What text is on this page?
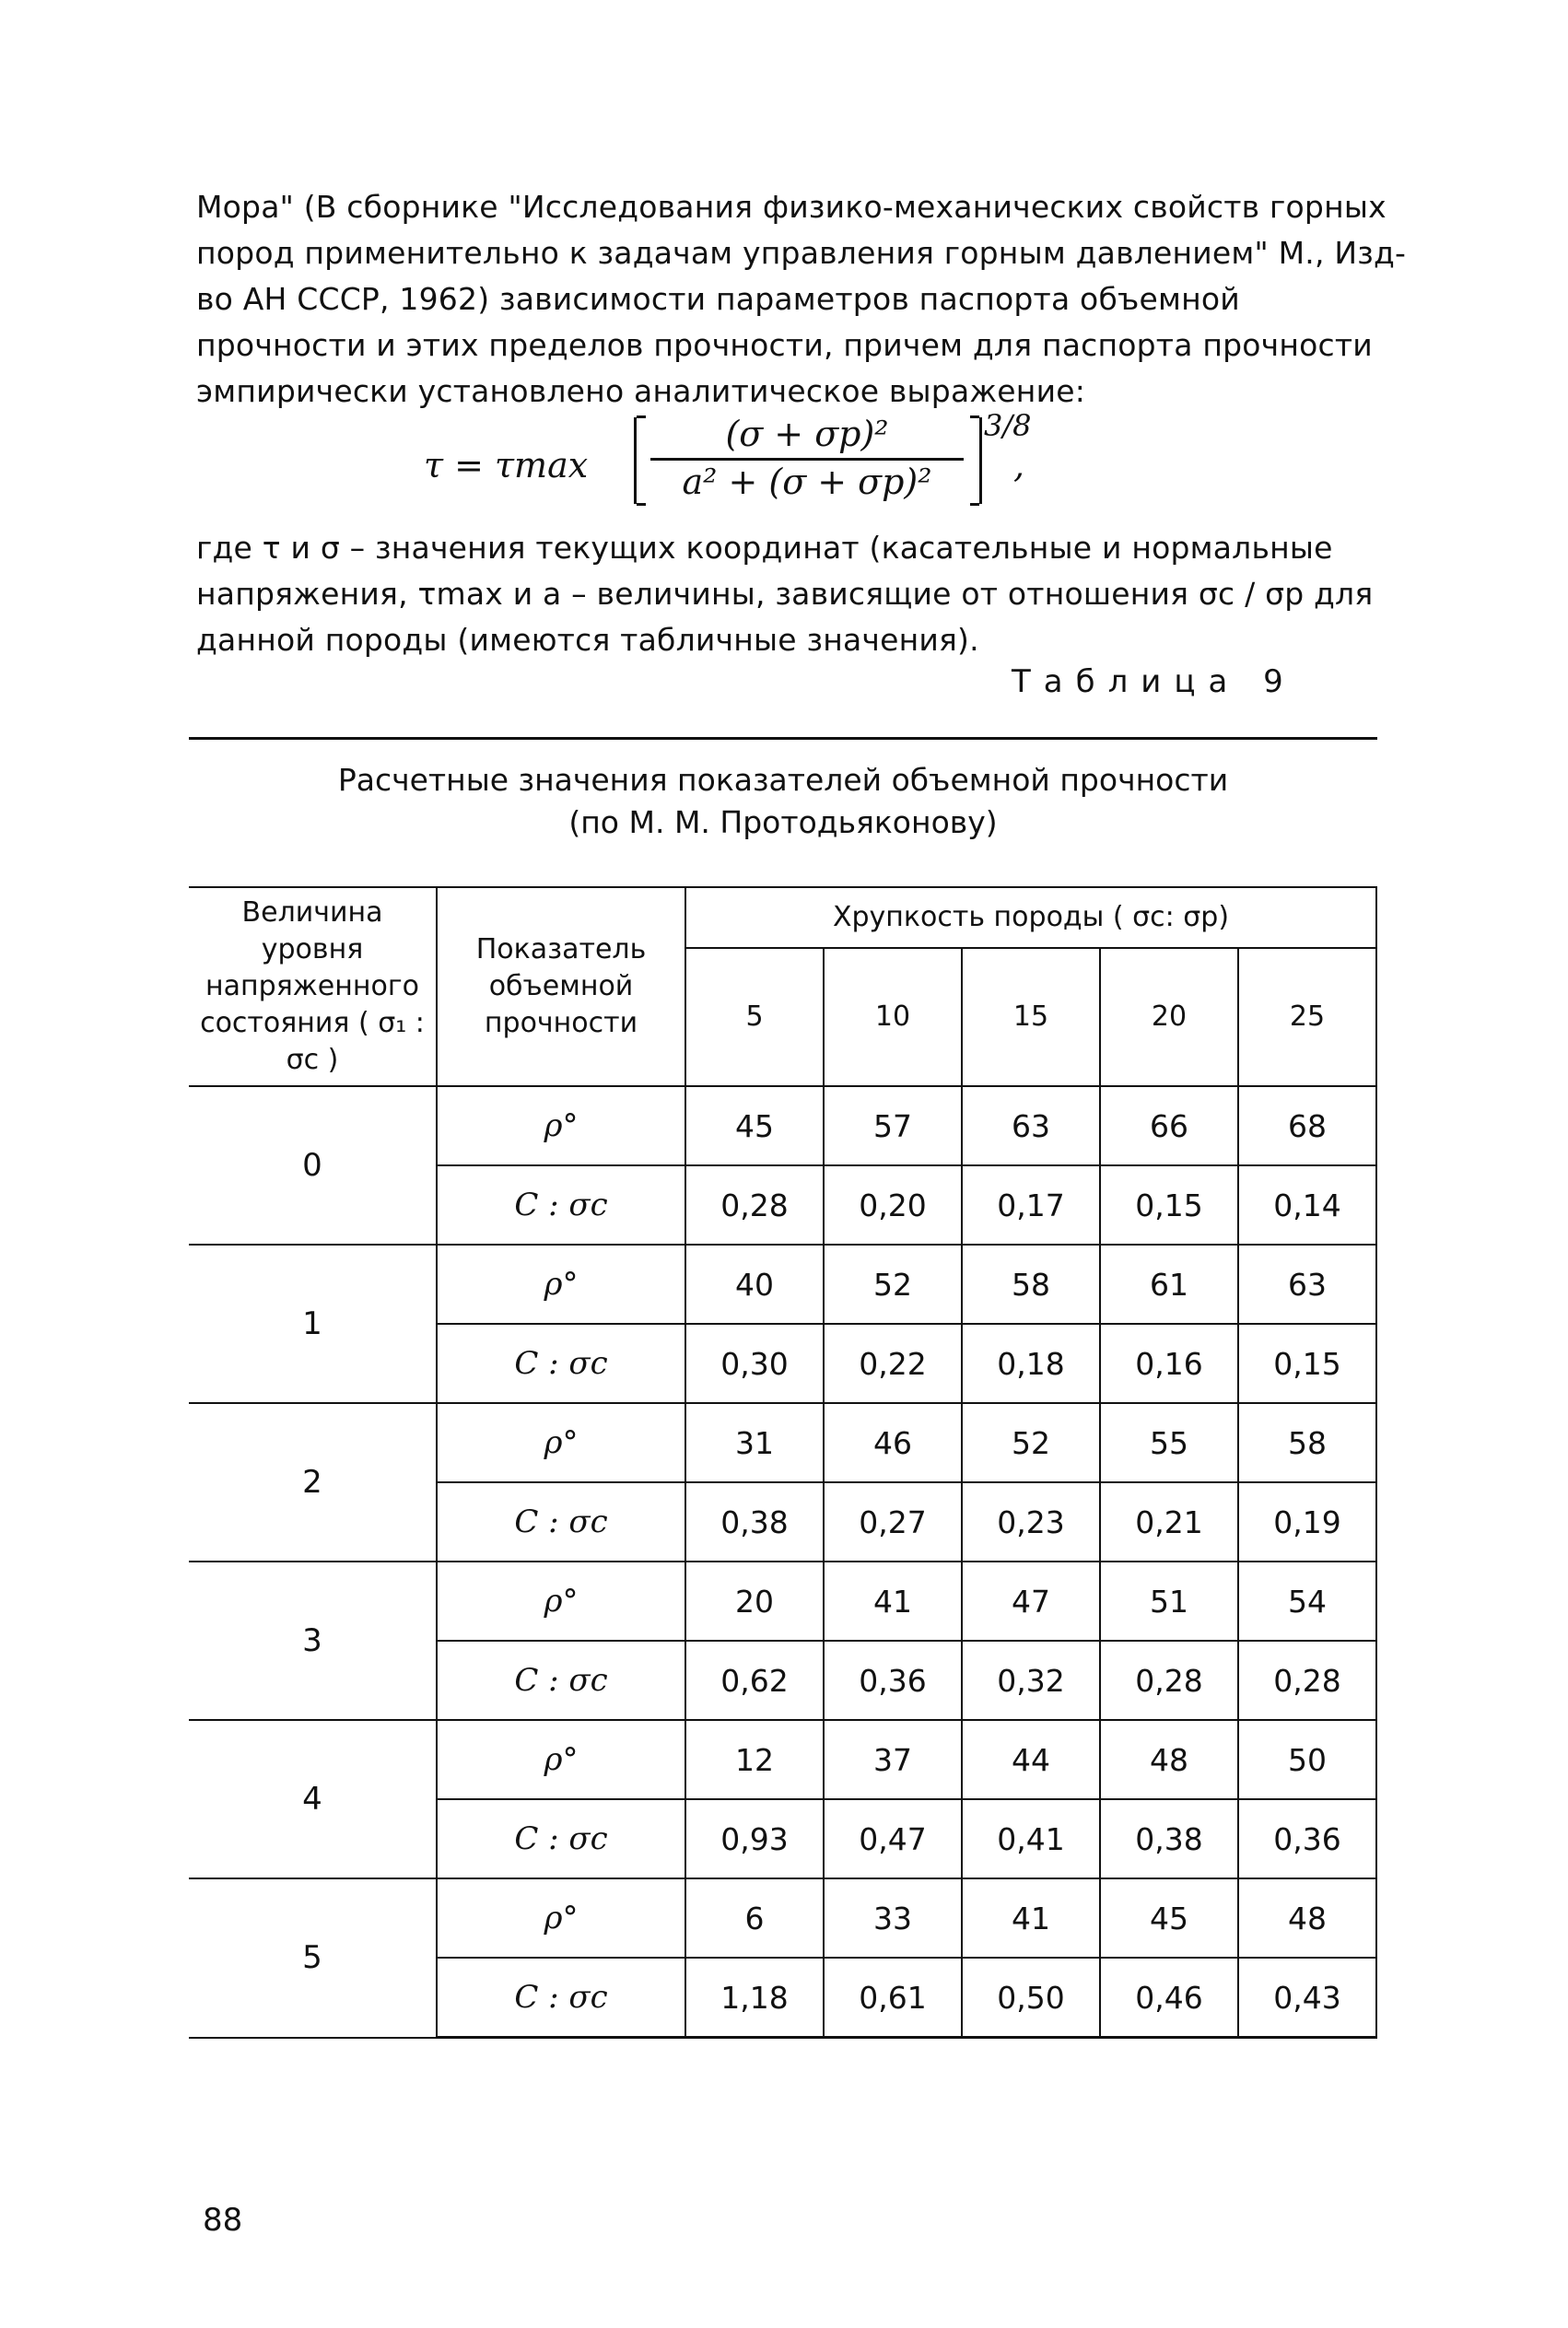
Мора" (В сборнике "Исследования физико-механических свойств горных пород применительно к задачам управления горным давлением" М., Изд-во АН СССР, 1962) зависимости параметров паспорта объемной прочности и этих пределов прочности, причем для паспорта прочности эмпирически установлено аналитическое выражение:

τ = τmax
(σ + σp)²
a² + (σ + σp)²
3/8
,

где τ и σ – значения текущих координат (касательные и нормальные напряжения, τmax и a – величины, зависящие от отношения σc / σp для данной породы (имеются табличные значения).

Таблица 9
Расчетные значения показателей объемной прочности
(по М. М. Протодьяконову)
Величина уровня напряженного состояния ( σ₁ : σc )	Показатель объемной прочности	Хрупкость породы ( σc: σp)				
		5	10	15	20	25
0	ρ°	45	57	63	66	68
	C : σc	0,28	0,20	0,17	0,15	0,14
1	ρ°	40	52	58	61	63
	C : σc	0,30	0,22	0,18	0,16	0,15
2	ρ°	31	46	52	55	58
	C : σc	0,38	0,27	0,23	0,21	0,19
3	ρ°	20	41	47	51	54
	C : σc	0,62	0,36	0,32	0,28	0,28
4	ρ°	12	37	44	48	50
	C : σc	0,93	0,47	0,41	0,38	0,36
5	ρ°	6	33	41	45	48
	C : σc	1,18	0,61	0,50	0,46	0,43
88
